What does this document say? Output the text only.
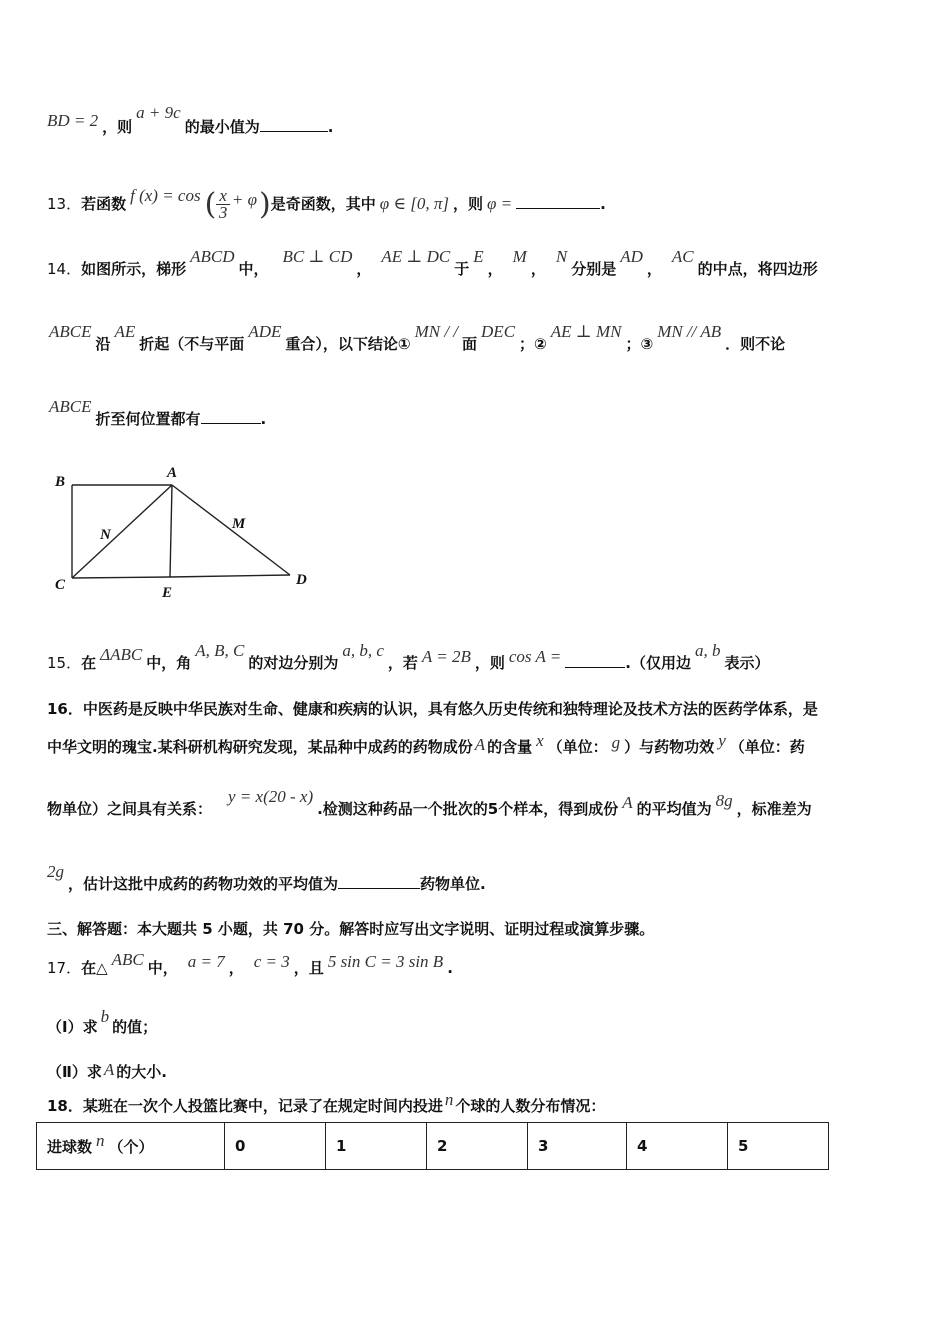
BD = 2 ，则a + 9c的最小值为	.
13．若函数 f (x) = cos ( $\frac{x}{3} + \varphi$)是奇函数，其中 φ ∈ [0, π] ，则 φ =	.
14．如图所示，梯形ABCD中，BC ⊥ CD，AE ⊥ DC于E，M，N分别是AD，AC的中点，将四边形
ABCE沿AE折起（不与平面ADE重合），以下结论①MN / /面DEC；②AE ⊥ MN；③MN // AB．则不论
ABCE折至何位置都有	.
A
B
C	D
E
M
N
15．在 ΔABC 中，角A, B, C的对边分别为a, b, c，若 A = 2B ，则 cos A =	.（仅用边a, b表示）
16．中医药是反映中华民族对生命、健康和疾病的认识，具有悠久历史传统和独特理论及技术方法的医药学体系，是
中华文明的瑰宝.某科研机构研究发现，某品种中成药的药物成份 A 的含量 x （单位： g ）与药物功效 y （单位：药
物单位）之间具有关系：y = x(20 - x).检测这种药品一个批次的5个样本，得到成份 A 的平均值为 8g ，标准差为
2g，估计这批中成药的药物功效的平均值为	药物单位.
三、解答题：本大题共 5 小题，共 70 分。解答时应写出文字说明、证明过程或演算步骤。
17．在△ ABC 中， a = 7 ， c = 3 ，且 5 sin C = 3 sin B .
（Ⅰ）求b的值；
（Ⅱ）求 A 的大小.
18．某班在一次个人投篮比赛中，记录了在规定时间内投进 n 个球的人数分布情况：
进球数 n （个）	0	1	2	3	4	5
